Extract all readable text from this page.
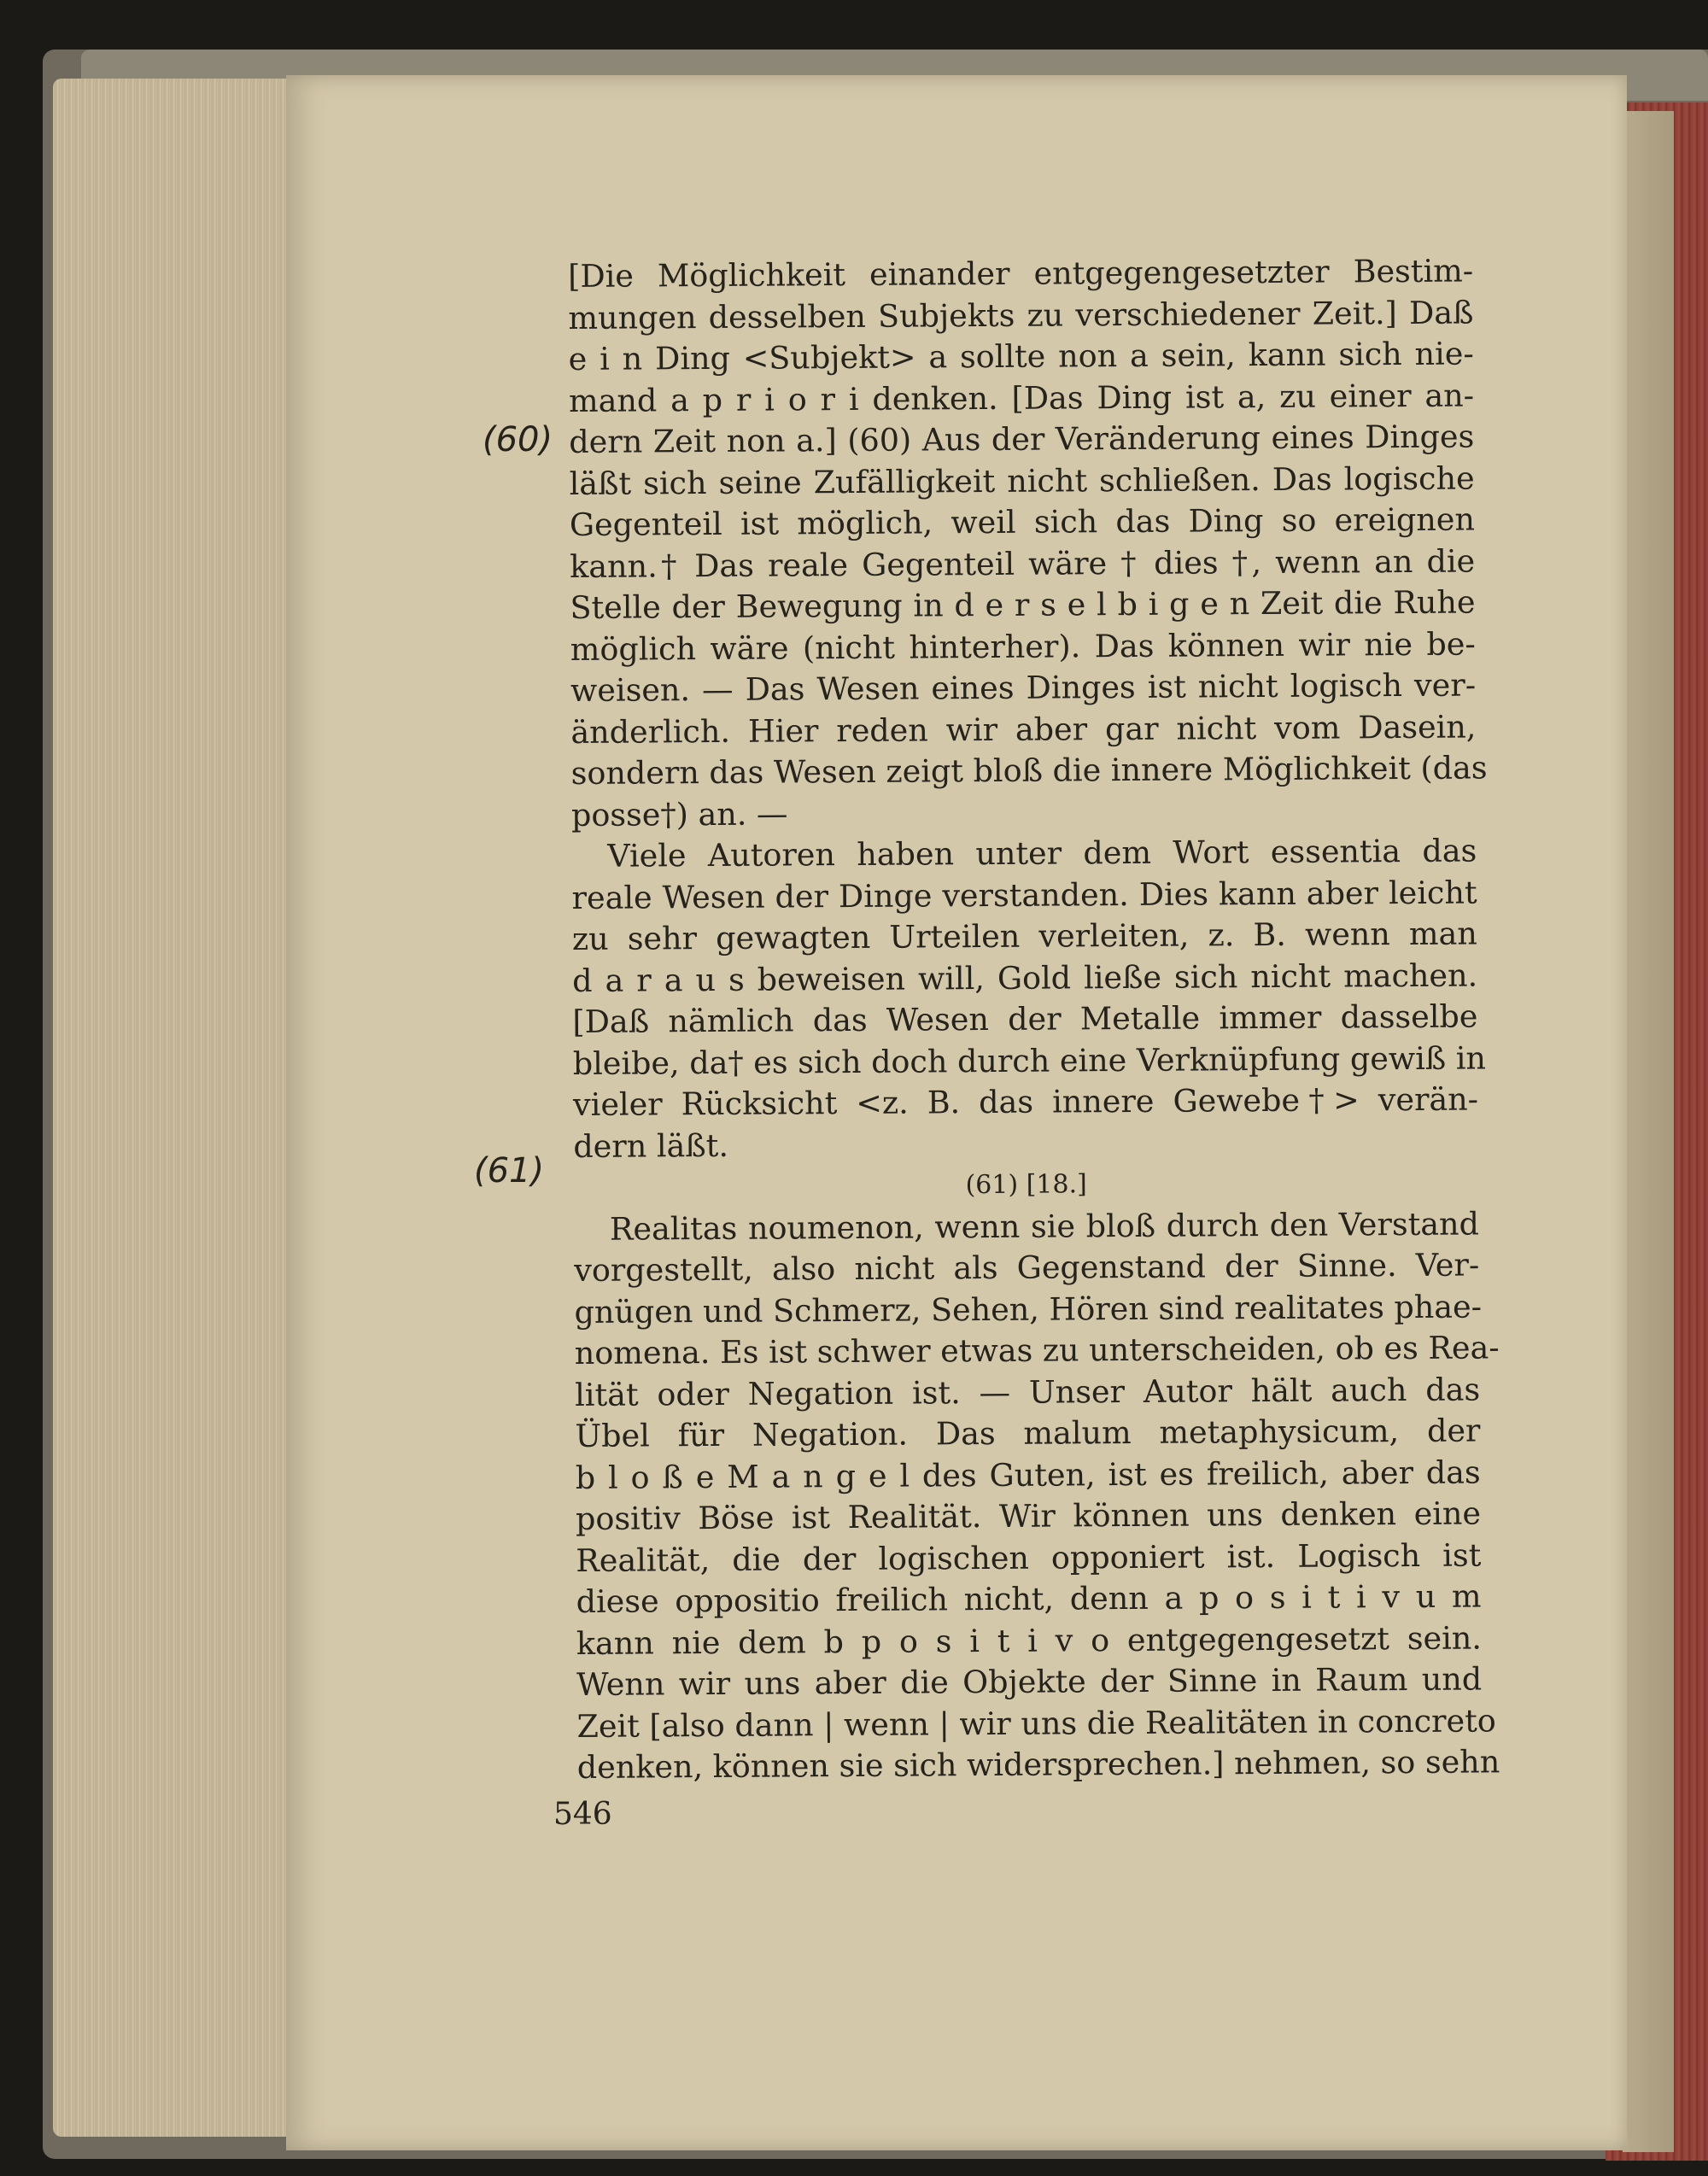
(60)
(61)
[Die Möglichkeit einander entgegengesetzter Bestim-
mungen desselben Subjekts zu verschiedener Zeit.] Daß
e i n Ding <Subjekt> a sollte non a sein, kann sich nie-
mand a p r i o r i denken. [Das Ding ist a, zu einer an-
dern Zeit non a.] (60) Aus der Veränderung eines Dinges
läßt sich seine Zufälligkeit nicht schließen. Das logische
Gegenteil ist möglich, weil sich das Ding so ereignen
kann.† Das reale Gegenteil wäre † dies †, wenn an die
Stelle der Bewegung in d e r s e l b i g e n Zeit die Ruhe
möglich wäre (nicht hinterher). Das können wir nie be-
weisen. — Das Wesen eines Dinges ist nicht logisch ver-
änderlich. Hier reden wir aber gar nicht vom Dasein,
sondern das Wesen zeigt bloß die innere Möglichkeit (das
posse†) an. —
Viele Autoren haben unter dem Wort essentia das
reale Wesen der Dinge verstanden. Dies kann aber leicht
zu sehr gewagten Urteilen verleiten, z. B. wenn man
d a r a u s beweisen will, Gold ließe sich nicht machen.
[Daß nämlich das Wesen der Metalle immer dasselbe
bleibe, da† es sich doch durch eine Verknüpfung gewiß in
vieler Rücksicht <z. B. das innere Gewebe†> verän-
dern läßt.
(61) [18.]
Realitas noumenon, wenn sie bloß durch den Verstand
vorgestellt, also nicht als Gegenstand der Sinne. Ver-
gnügen und Schmerz, Sehen, Hören sind realitates phae-
nomena. Es ist schwer etwas zu unterscheiden, ob es Rea-
lität oder Negation ist. — Unser Autor hält auch das
Übel für Negation. Das malum metaphysicum, der
b l o ß e M a n g e l des Guten, ist es freilich, aber das
positiv Böse ist Realität. Wir können uns denken eine
Realität, die der logischen opponiert ist. Logisch ist
diese oppositio freilich nicht, denn a p o s i t i v u m
kann nie dem b p o s i t i v o entgegengesetzt sein.
Wenn wir uns aber die Objekte der Sinne in Raum und
Zeit [also dann | wenn | wir uns die Realitäten in concreto
denken, können sie sich widersprechen.] nehmen, so sehn
546
